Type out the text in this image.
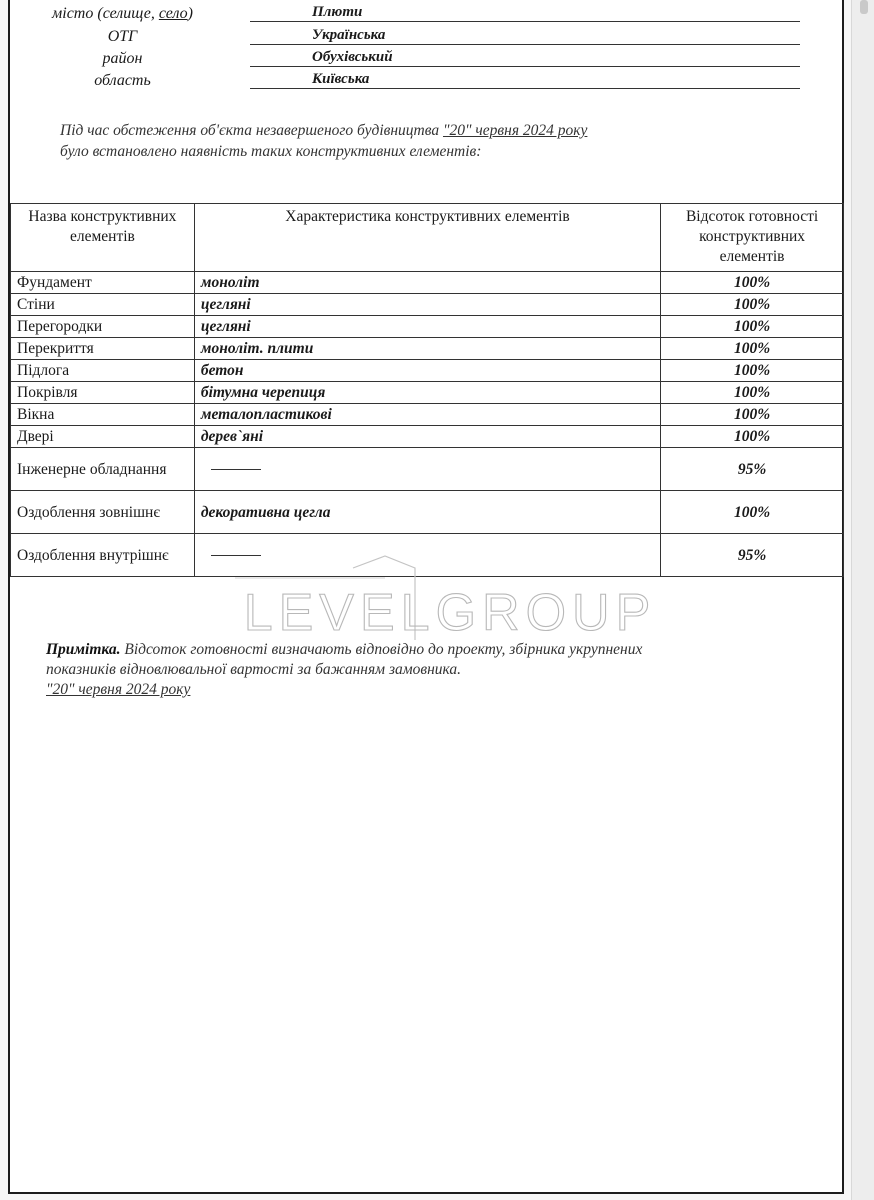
місто (селище, село)	Плюти
ОТГ	Українська
район	Обухівський
область	Київська
Під час обстеження об'єкта незавершеного будівництва "20" червня 2024 року
було встановлено наявність таких конструктивних елементів:
Назва конструктивних елементів	Характеристика конструктивних елементів	Відсоток готовності конструктивних елементів
Фундамент	моноліт	100%
Стіни	цегляні	100%
Перегородки	цегляні	100%
Перекриття	моноліт. плити	100%
Підлога	бетон	100%
Покрівля	бітумна черепиця	100%
Вікна	металопластикові	100%
Двері	дерев`яні	100%
Інженерне обладнання		95%
Оздоблення зовнішнє	декоративна цегла	100%
Оздоблення внутрішнє		95%
LEVELGROUP
Примітка. Відсоток готовності визначають відповідно до проекту, збірника укрупнених
показників відновлювальної вартості за бажанням замовника.
"20" червня 2024 року
